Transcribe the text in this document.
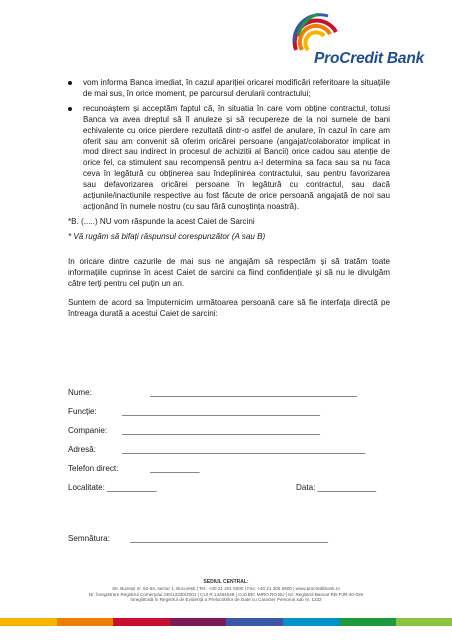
ProCredit Bank
vom informa Banca imediat, în cazul apariției oricarei modificări referitoare la situațiile de mai sus, în orice moment, pe parcursul derularii contractului;
recunoaștem și acceptăm faptul că, în situatia în care vom obține contractul, totusi Banca va avea dreptul să îl anuleze și să recupereze de la noi sumele de bani echivalente cu orice pierdere rezultată dintr-o astfel de anulare, în cazul în care am oferit sau am convenit să oferim oricărei persoane (angajat/colaborator implicat in mod direct sau indirect in procesul de achizitii al Bancii) orice cadou sau atenție de orice fel, ca stimulent sau recompensă pentru a-l determina sa faca sau sa nu faca ceva în legătură cu obținerea sau îndeplinirea contractului, sau pentru favorizarea sau defavorizarea oricărei persoane în legătură cu contractul, sau dacă acțiunile/inactiunile respective au fost făcute de orice persoană angajată de noi sau acționând în numele nostru (cu sau fără cunoștința noastră).

*B. (.....) NU vom răspunde la acest Caiet de Sarcini

* Vă rugăm să bifați răspunsul corespunzător (A sau B)

In oricare dintre cazurile de mai sus ne angajăm să respectăm și să tratăm toate informațiile cuprinse în acest Caiet de sarcini ca fiind confidențiale și să nu le divulgăm către terți pentru cel puțin un an.

Suntem de acord sa împuternicim următoarea persoană care să fie interfața directă pe întreaga durată a acestui Caiet de sarcini:

Nume:	______________________________________________
Funcție:	____________________________________________
Companie: ____________________________________________
Adresă:	______________________________________________________
Telefon direct:	___________
Localitate: ___________	Data: _____________
Semnătura: ____________________________________________
SEDIUL CENTRAL:
Str. Buzești nr. 62-64, sector 1, București | Tel.: +40 21 201 6000 | Fax: +40 21 305 5600 | www.procreditbank.ro
Nr. înregistrare Registrul Comerțului J40/13330/2001 | CUI R 14264048 | Cod BIC MIRO RO BU | Nr. Registrul Bancar RB-PJR-40-026
Înregistrată în Registrul de Evidență a Prelucrărilor de Date cu Caracter Personal sub nr. 1232
